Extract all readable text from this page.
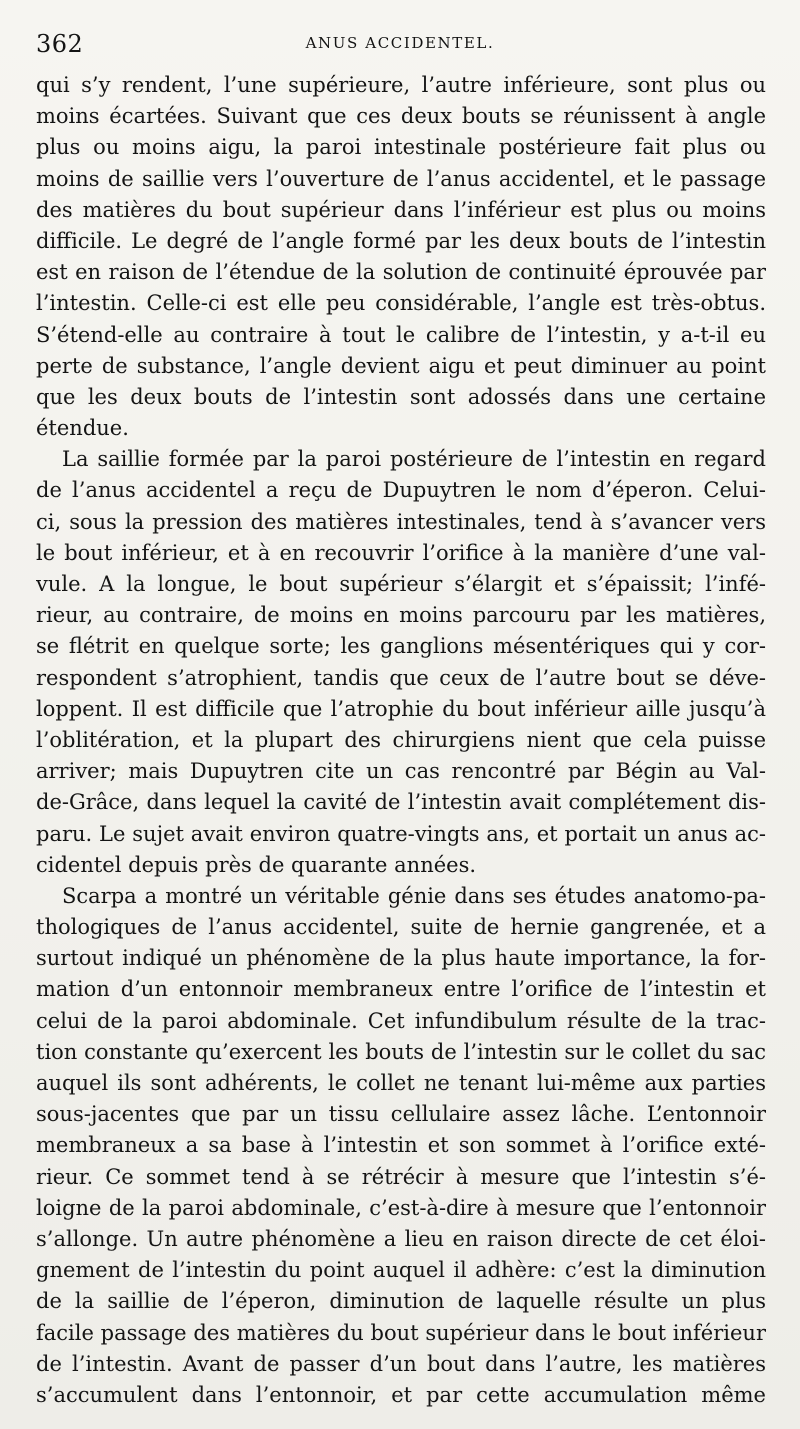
362	ANUS ACCIDENTEL.
qui s’y rendent, l’une supérieure, l’autre inférieure, sont plus ou
moins écartées. Suivant que ces deux bouts se réunissent à angle
plus ou moins aigu, la paroi intestinale postérieure fait plus ou
moins de saillie vers l’ouverture de l’anus accidentel, et le passage
des matières du bout supérieur dans l’inférieur est plus ou moins
difficile. Le degré de l’angle formé par les deux bouts de l’intestin
est en raison de l’étendue de la solution de continuité éprouvée par
l’intestin. Celle-ci est elle peu considérable, l’angle est très-obtus.
S’étend-elle au contraire à tout le calibre de l’intestin, y a-t-il eu
perte de substance, l’angle devient aigu et peut diminuer au point
que les deux bouts de l’intestin sont adossés dans une certaine
étendue.
La saillie formée par la paroi postérieure de l’intestin en regard
de l’anus accidentel a reçu de Dupuytren le nom d’éperon. Celui-
ci, sous la pression des matières intestinales, tend à s’avancer vers
le bout inférieur, et à en recouvrir l’orifice à la manière d’une val-
vule. A la longue, le bout supérieur s’élargit et s’épaissit; l’infé-
rieur, au contraire, de moins en moins parcouru par les matières,
se flétrit en quelque sorte; les ganglions mésentériques qui y cor-
respondent s’atrophient, tandis que ceux de l’autre bout se déve-
loppent. Il est difficile que l’atrophie du bout inférieur aille jusqu’à
l’oblitération, et la plupart des chirurgiens nient que cela puisse
arriver; mais Dupuytren cite un cas rencontré par Bégin au Val-
de-Grâce, dans lequel la cavité de l’intestin avait complétement dis-
paru. Le sujet avait environ quatre-vingts ans, et portait un anus ac-
cidentel depuis près de quarante années.
Scarpa a montré un véritable génie dans ses études anatomo-pa-
thologiques de l’anus accidentel, suite de hernie gangrenée, et a
surtout indiqué un phénomène de la plus haute importance, la for-
mation d’un entonnoir membraneux entre l’orifice de l’intestin et
celui de la paroi abdominale. Cet infundibulum résulte de la trac-
tion constante qu’exercent les bouts de l’intestin sur le collet du sac
auquel ils sont adhérents, le collet ne tenant lui-même aux parties
sous-jacentes que par un tissu cellulaire assez lâche. L’entonnoir
membraneux a sa base à l’intestin et son sommet à l’orifice exté-
rieur. Ce sommet tend à se rétrécir à mesure que l’intestin s’é-
loigne de la paroi abdominale, c’est-à-dire à mesure que l’entonnoir
s’allonge. Un autre phénomène a lieu en raison directe de cet éloi-
gnement de l’intestin du point auquel il adhère: c’est la diminution
de la saillie de l’éperon, diminution de laquelle résulte un plus
facile passage des matières du bout supérieur dans le bout inférieur
de l’intestin. Avant de passer d’un bout dans l’autre, les matières
s’accumulent dans l’entonnoir, et par cette accumulation même
